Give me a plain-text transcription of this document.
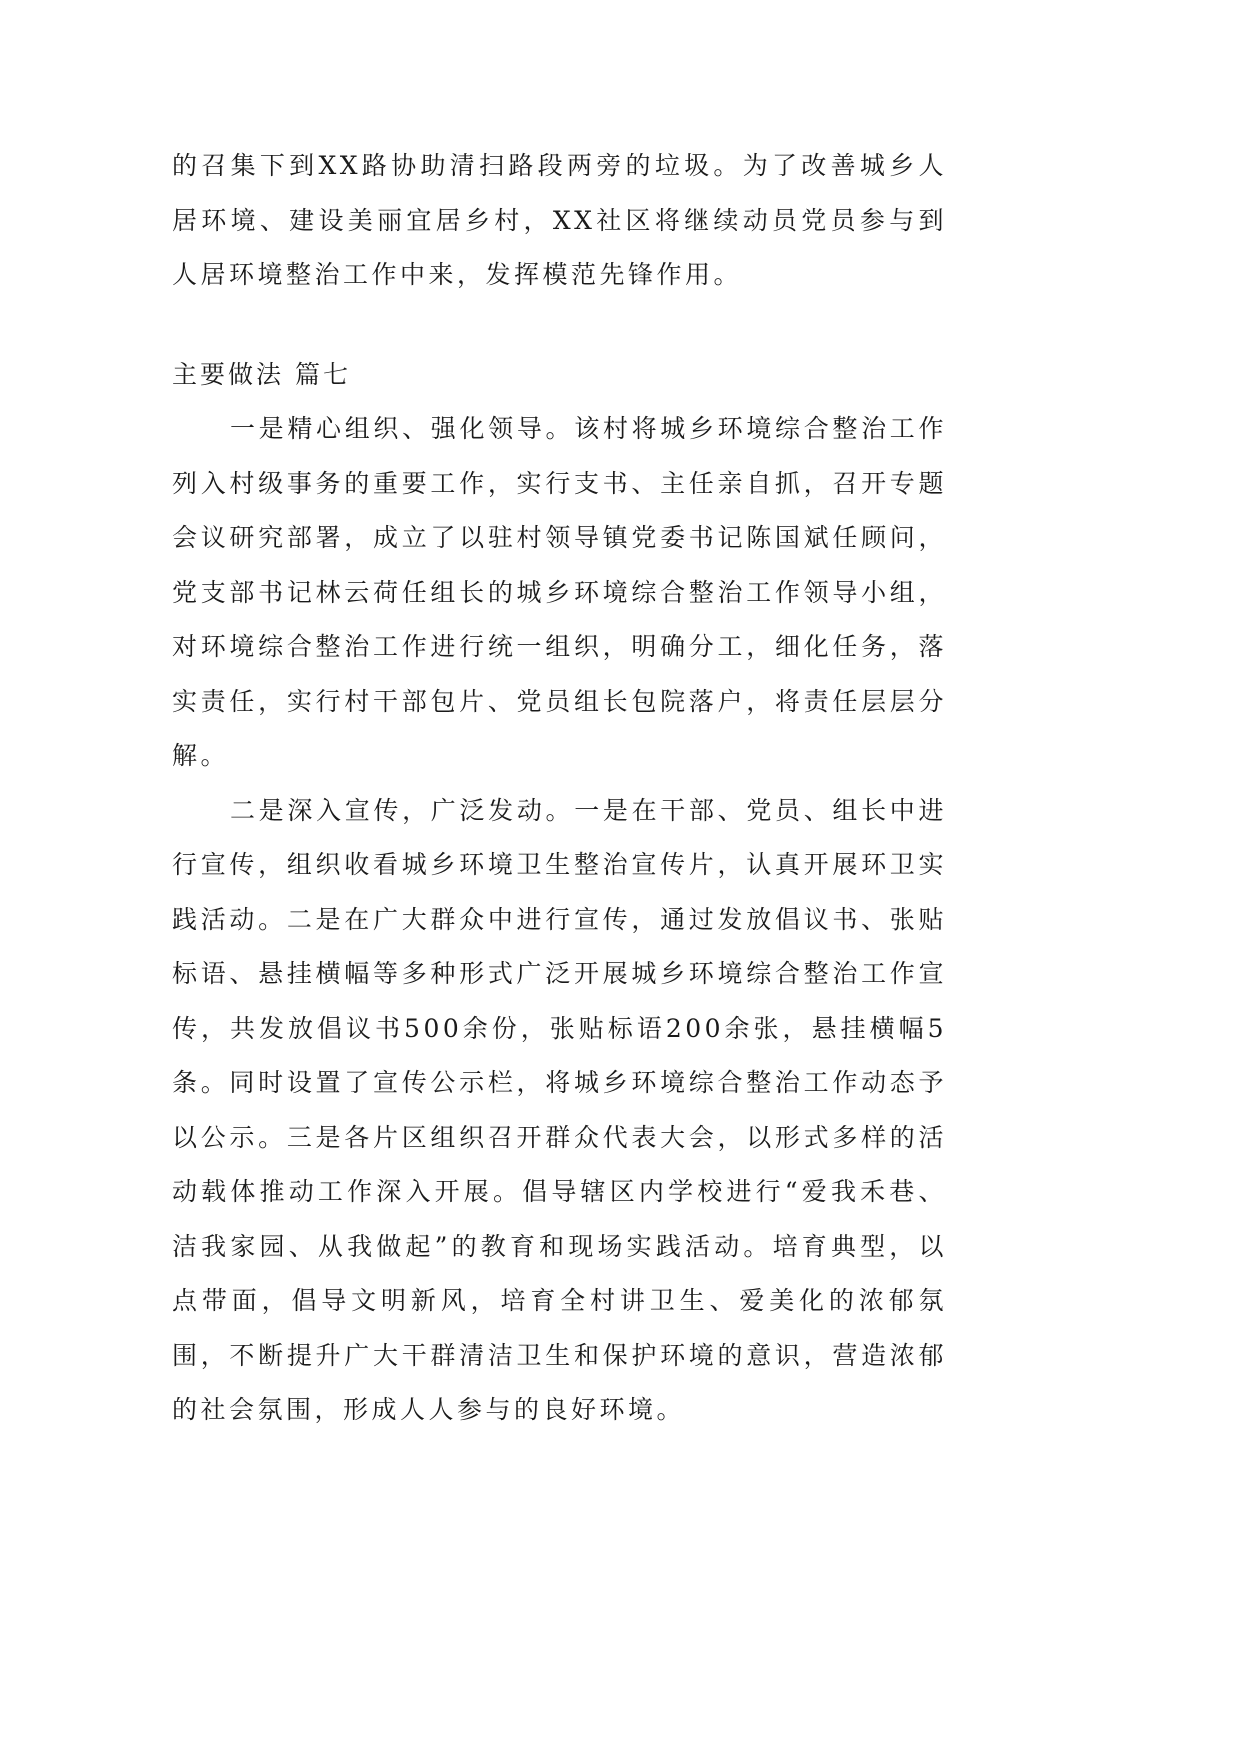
的召集下到XX路协助清扫路段两旁的垃圾。为了改善城乡人居环境、建设美丽宜居乡村，XX社区将继续动员党员参与到人居环境整治工作中来，发挥模范先锋作用。

主要做法 篇七

一是精心组织、强化领导。该村将城乡环境综合整治工作列入村级事务的重要工作，实行支书、主任亲自抓，召开专题会议研究部署，成立了以驻村领导镇党委书记陈国斌任顾问，党支部书记林云荷任组长的城乡环境综合整治工作领导小组，对环境综合整治工作进行统一组织，明确分工，细化任务，落实责任，实行村干部包片、党员组长包院落户，将责任层层分解。

二是深入宣传，广泛发动。一是在干部、党员、组长中进行宣传，组织收看城乡环境卫生整治宣传片，认真开展环卫实践活动。二是在广大群众中进行宣传，通过发放倡议书、张贴标语、悬挂横幅等多种形式广泛开展城乡环境综合整治工作宣传，共发放倡议书500余份，张贴标语200余张，悬挂横幅5条。同时设置了宣传公示栏，将城乡环境综合整治工作动态予以公示。三是各片区组织召开群众代表大会，以形式多样的活动载体推动工作深入开展。倡导辖区内学校进行“爱我禾巷、洁我家园、从我做起”的教育和现场实践活动。培育典型，以点带面，倡导文明新风，培育全村讲卫生、爱美化的浓郁氛围，不断提升广大干群清洁卫生和保护环境的意识，营造浓郁的社会氛围，形成人人参与的良好环境。
